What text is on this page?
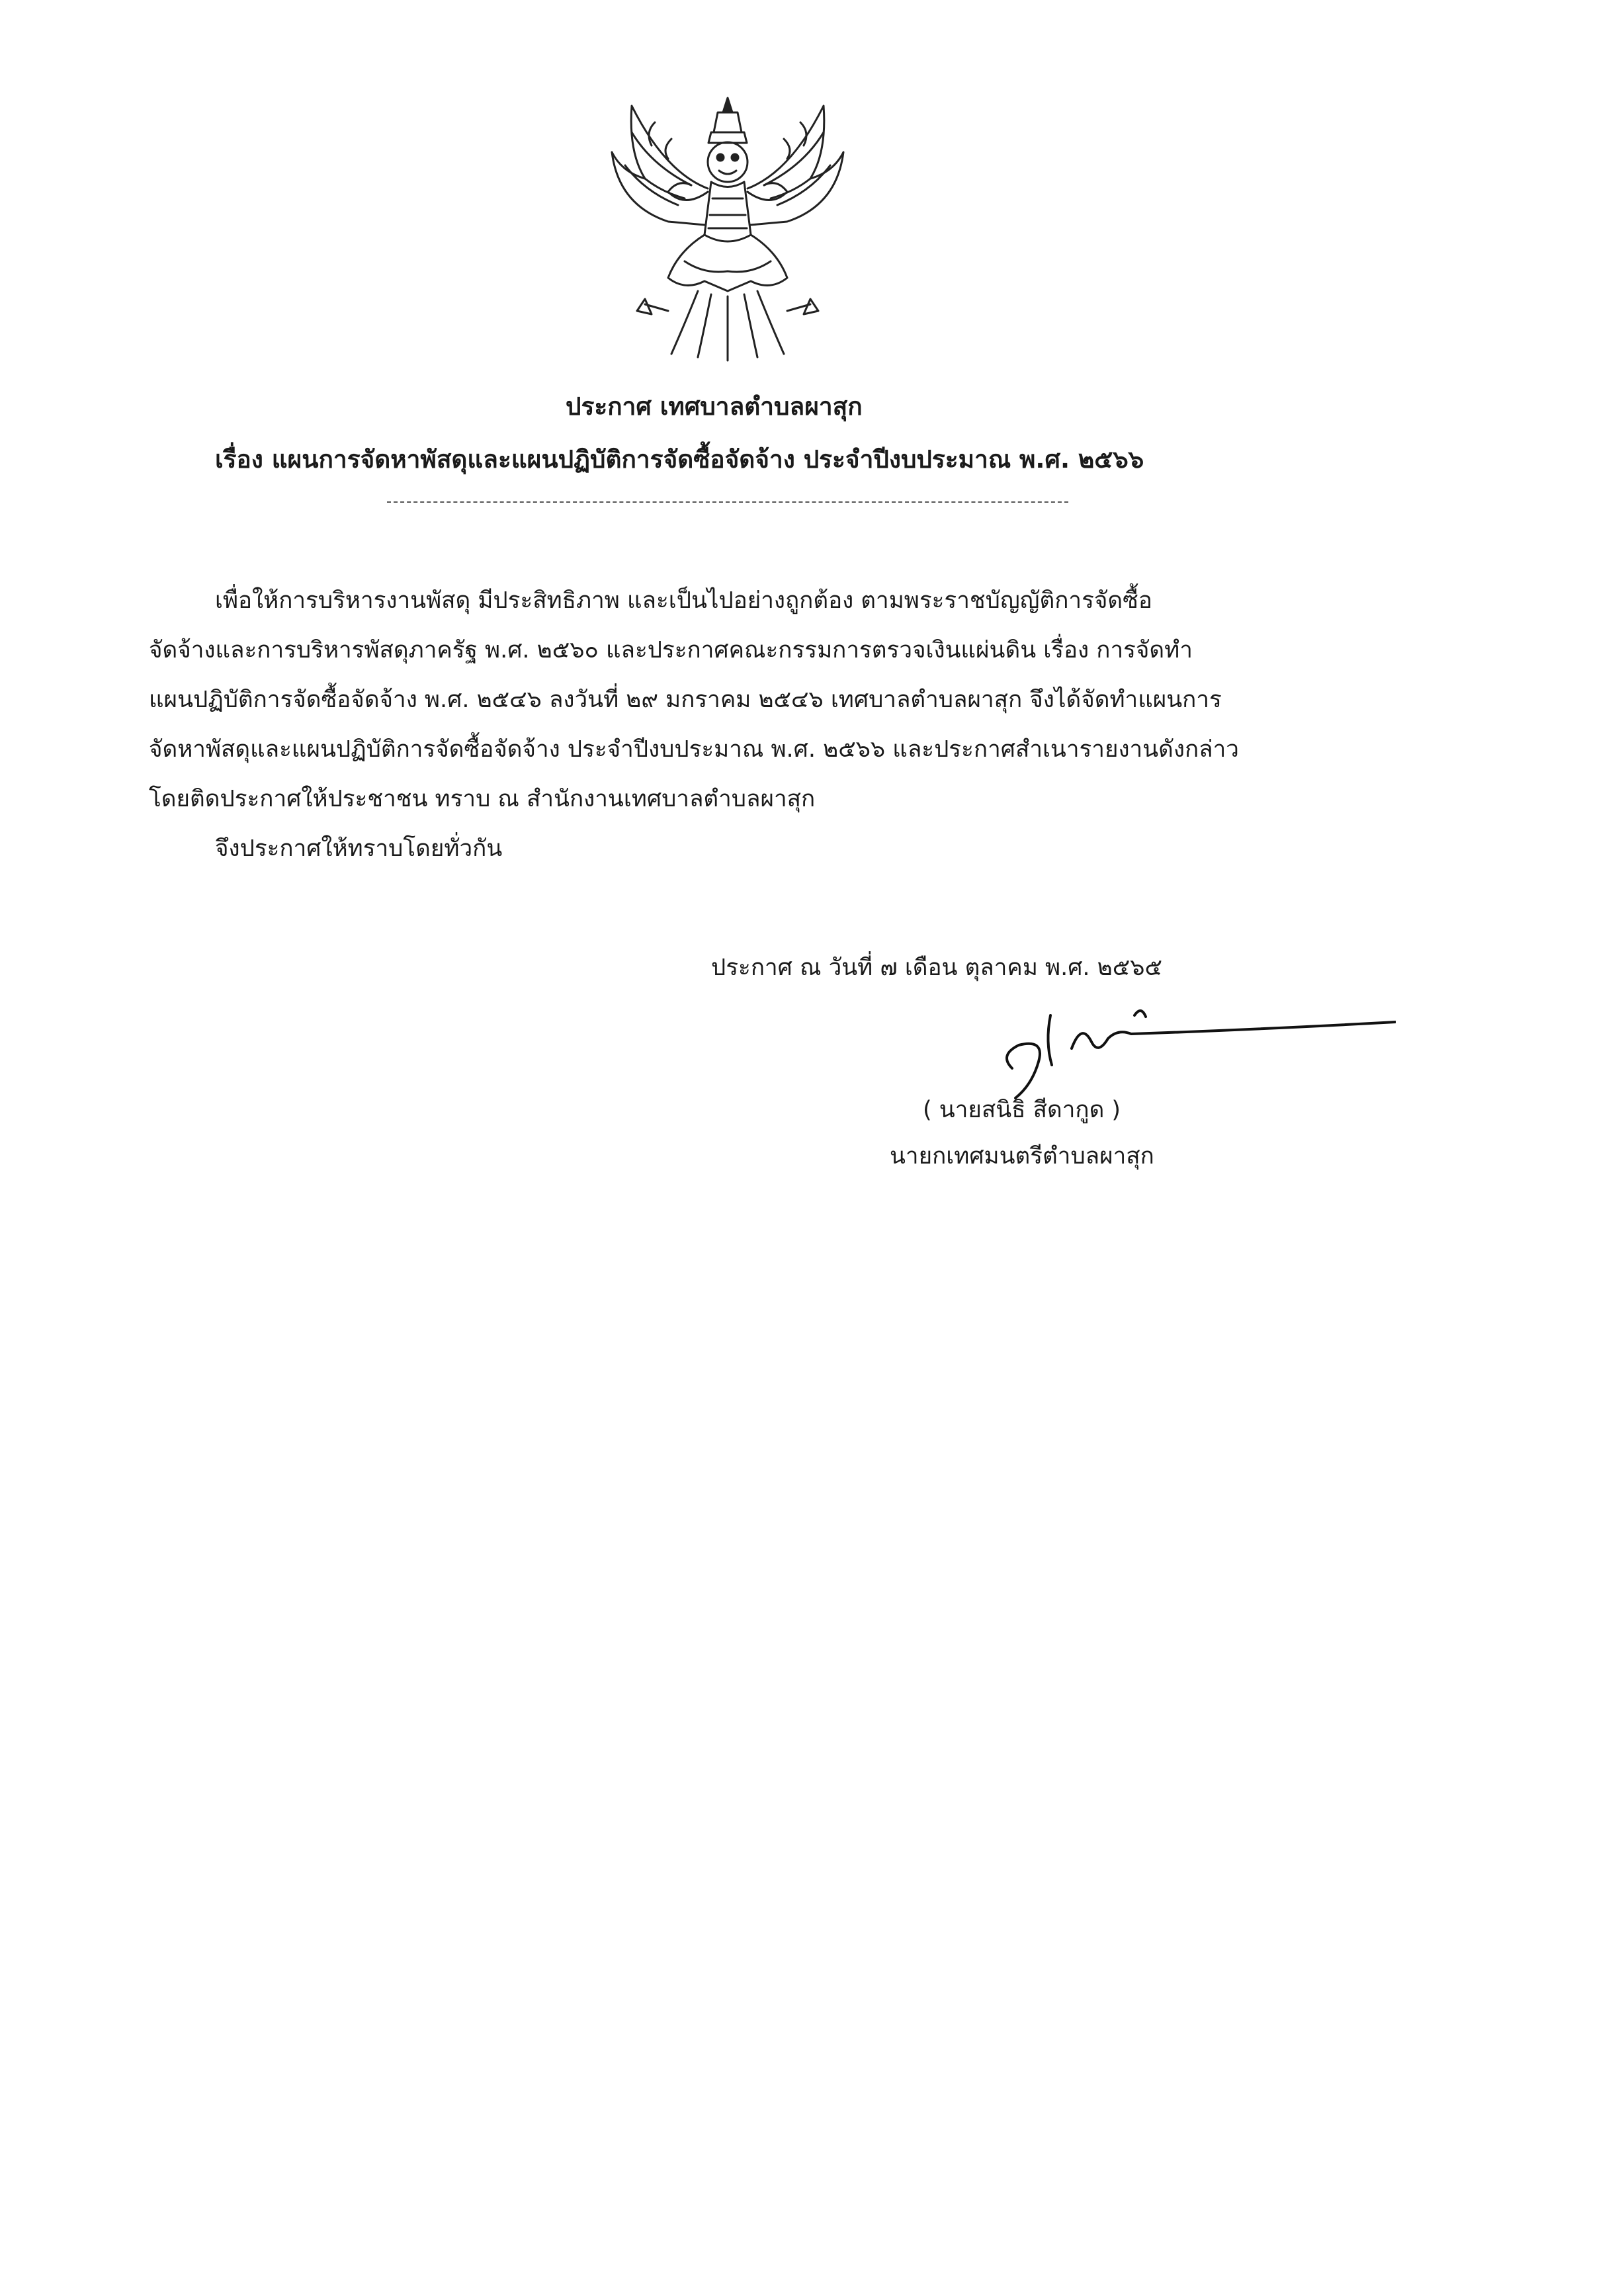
ประกาศ เทศบาลตำบลผาสุก
เรื่อง แผนการจัดหาพัสดุและแผนปฏิบัติการจัดซื้อจัดจ้าง ประจำปีงบประมาณ พ.ศ. ๒๕๖๖
เพื่อให้การบริหารงานพัสดุ มีประสิทธิภาพ และเป็นไปอย่างถูกต้อง ตามพระราชบัญญัติการจัดซื้อ
จัดจ้างและการบริหารพัสดุภาครัฐ พ.ศ. ๒๕๖๐ และประกาศคณะกรรมการตรวจเงินแผ่นดิน เรื่อง การจัดทำ
แผนปฏิบัติการจัดซื้อจัดจ้าง พ.ศ. ๒๕๔๖ ลงวันที่ ๒๙ มกราคม ๒๕๔๖ เทศบาลตำบลผาสุก จึงได้จัดทำแผนการ
จัดหาพัสดุและแผนปฏิบัติการจัดซื้อจัดจ้าง ประจำปีงบประมาณ พ.ศ. ๒๕๖๖ และประกาศสำเนารายงานดังกล่าว
โดยติดประกาศให้ประชาชน ทราบ ณ สำนักงานเทศบาลตำบลผาสุก
จึงประกาศให้ทราบโดยทั่วกัน
ประกาศ ณ วันที่ ๗ เดือน ตุลาคม พ.ศ. ๒๕๖๕
( นายสนิธิ สีดากูด )
นายกเทศมนตรีตำบลผาสุก
